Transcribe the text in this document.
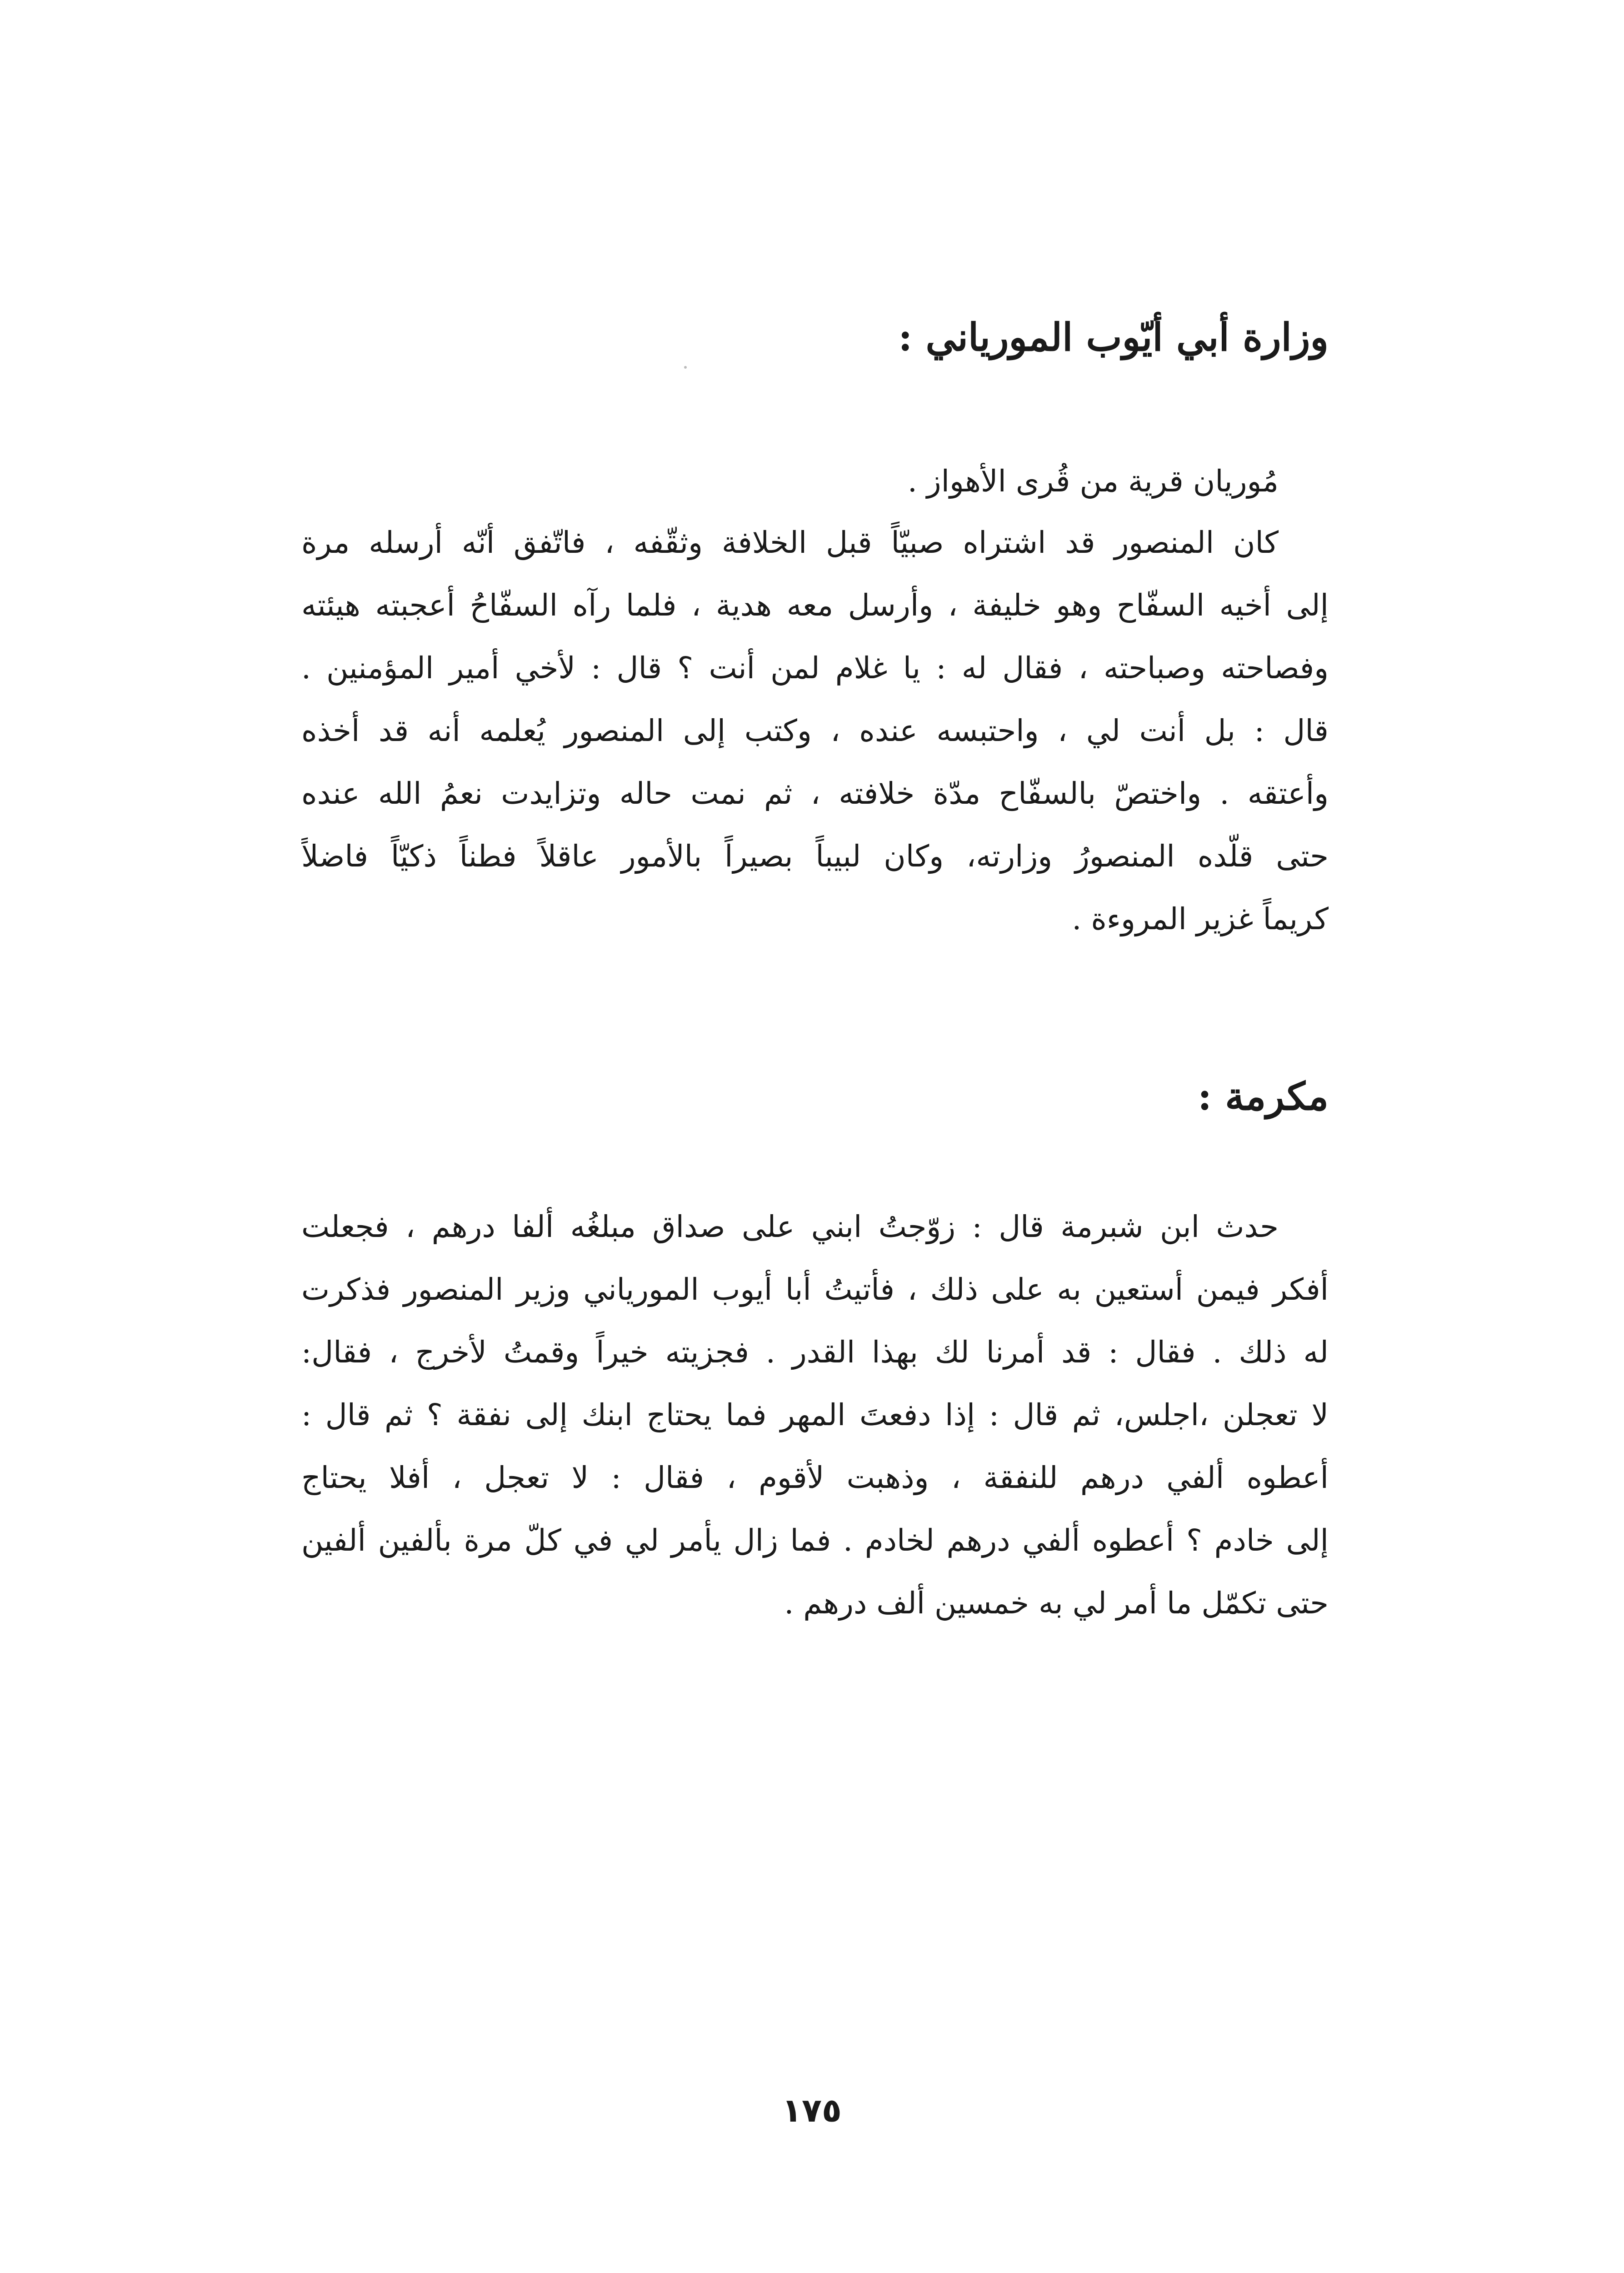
وزارة أبي أيّوب المورياني :
مُوريان قرية من قُرى الأهواز .
كان المنصور قد اشتراه صبيّاً قبل الخلافة وثقّفه ، فاتّفق أنّه أرسله مرة
إلى أخيه السفّاح وهو خليفة ، وأرسل معه هدية ، فلما رآه السفّاحُ أعجبته هيئته
وفصاحته وصباحته ، فقال له : يا غلام لمن أنت ؟ قال : لأخي أمير المؤمنين .
قال : بل أنت لي ، واحتبسه عنده ، وكتب إلى المنصور يُعلمه أنه قد أخذه
وأعتقه . واختصّ بالسفّاح مدّة خلافته ، ثم نمت حاله وتزايدت نعمُ الله عنده
حتى قلّده المنصورُ وزارته، وكان لبيباً بصيراً بالأمور عاقلاً فطناً ذكيّاً فاضلاً
كريماً غزير المروءة .
مكرمة :
حدث ابن شبرمة قال : زوّجتُ ابني على صداق مبلغُه ألفا درهم ، فجعلت
أفكر فيمن أستعين به على ذلك ، فأتيتُ أبا أيوب المورياني وزير المنصور فذكرت
له ذلك . فقال : قد أمرنا لك بهذا القدر . فجزيته خيراً وقمتُ لأخرج ، فقال:
لا تعجلن ،اجلس، ثم قال : إذا دفعتَ المهر فما يحتاج ابنك إلى نفقة ؟ ثم قال :
أعطوه ألفي درهم للنفقة ، وذهبت لأقوم ، فقال : لا تعجل ، أفلا يحتاج
إلى خادم ؟ أعطوه ألفي درهم لخادم . فما زال يأمر لي في كلّ مرة بألفين ألفين
حتى تكمّل ما أمر لي به خمسين ألف درهم .
١٧٥
